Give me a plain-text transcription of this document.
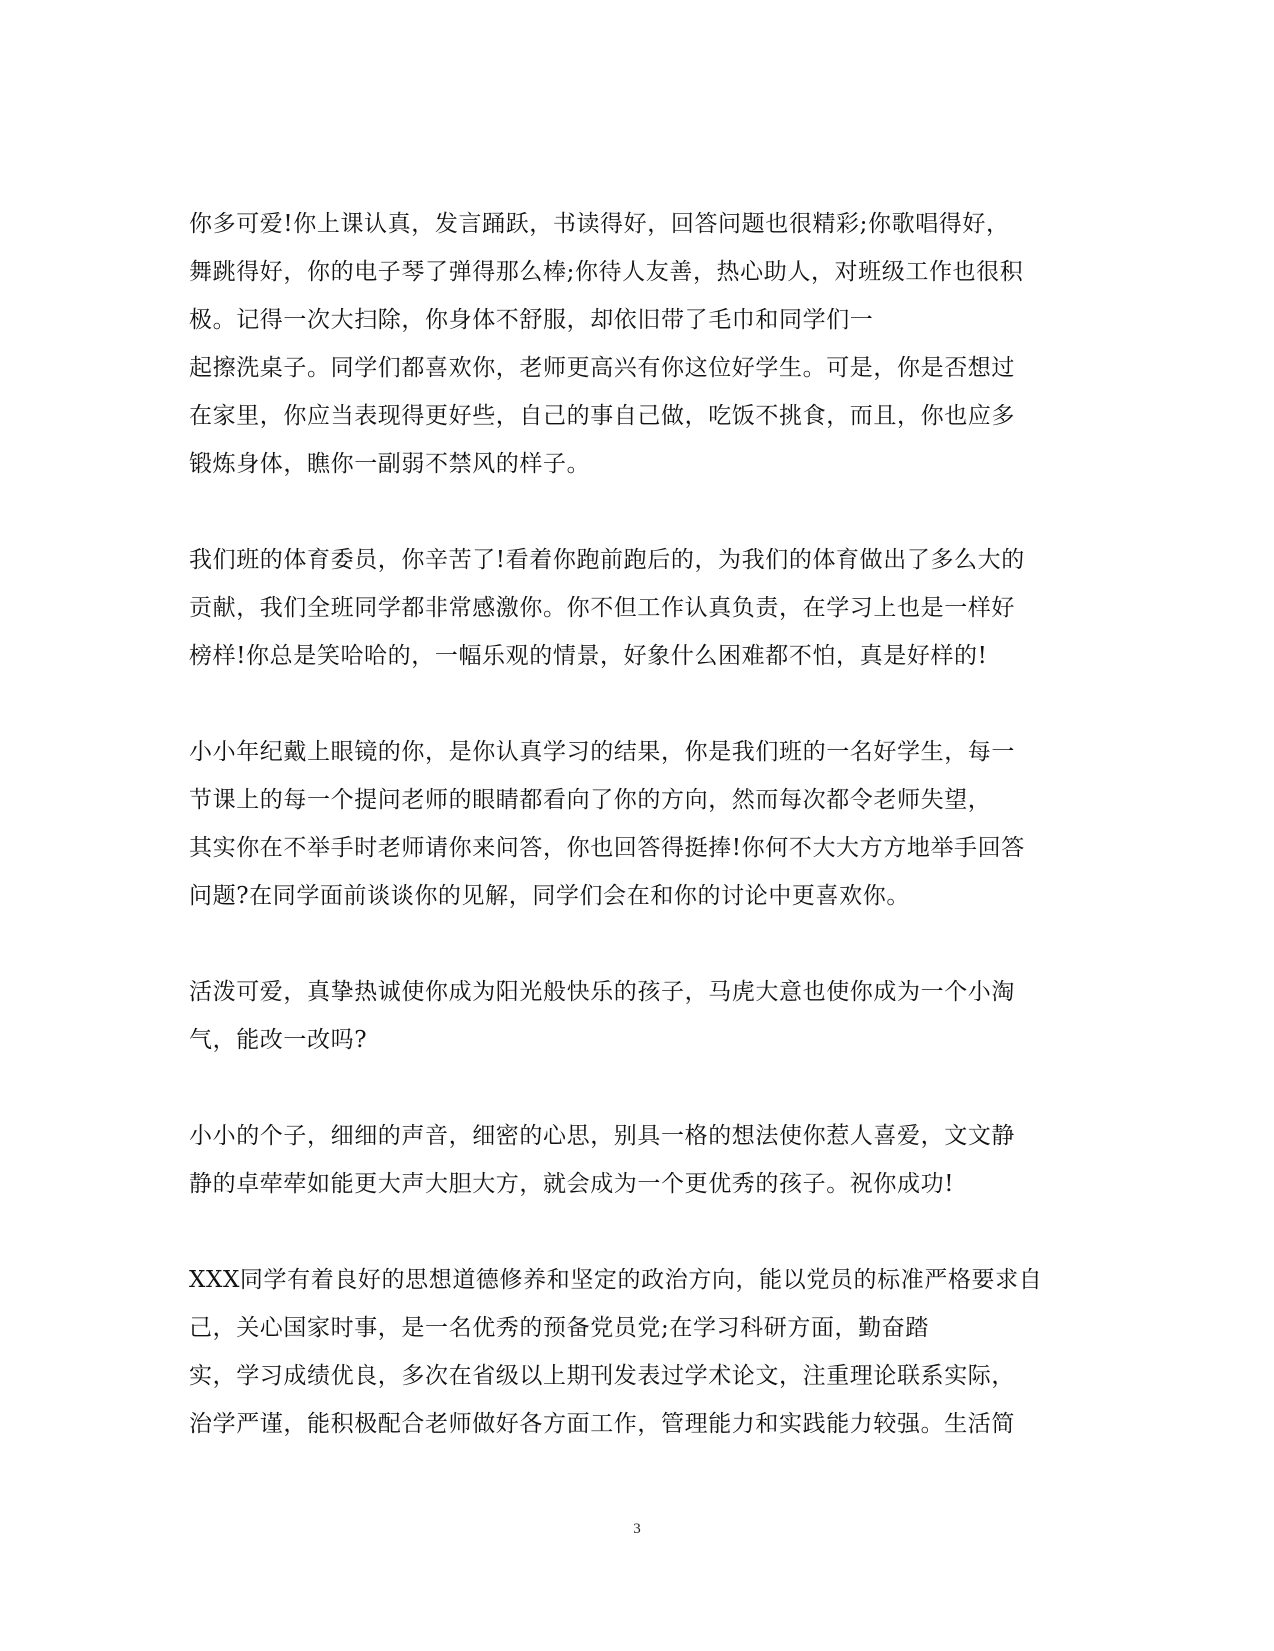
你多可爱!你上课认真，发言踊跃，书读得好，回答问题也很精彩;你歌唱得好，
舞跳得好，你的电子琴了弹得那么棒;你待人友善，热心助人，对班级工作也很积
极。记得一次大扫除，你身体不舒服，却依旧带了毛巾和同学们一
起擦洗桌子。同学们都喜欢你，老师更高兴有你这位好学生。可是，你是否想过
在家里，你应当表现得更好些，自己的事自己做，吃饭不挑食，而且，你也应多
锻炼身体，瞧你一副弱不禁风的样子。
我们班的体育委员，你辛苦了!看着你跑前跑后的，为我们的体育做出了多么大的
贡献，我们全班同学都非常感激你。你不但工作认真负责，在学习上也是一样好
榜样!你总是笑哈哈的，一幅乐观的情景，好象什么困难都不怕，真是好样的!
小小年纪戴上眼镜的你，是你认真学习的结果，你是我们班的一名好学生，每一
节课上的每一个提问老师的眼睛都看向了你的方向，然而每次都令老师失望，
其实你在不举手时老师请你来问答，你也回答得挺捧!你何不大大方方地举手回答
问题?在同学面前谈谈你的见解，同学们会在和你的讨论中更喜欢你。
活泼可爱，真挚热诚使你成为阳光般快乐的孩子，马虎大意也使你成为一个小淘
气，能改一改吗?
小小的个子，细细的声音，细密的心思，别具一格的想法使你惹人喜爱，文文静
静的卓荦荦如能更大声大胆大方，就会成为一个更优秀的孩子。祝你成功!
XXX同学有着良好的思想道德修养和坚定的政治方向，能以党员的标准严格要求自
己，关心国家时事，是一名优秀的预备党员党;在学习科研方面，勤奋踏
实，学习成绩优良，多次在省级以上期刊发表过学术论文，注重理论联系实际，
治学严谨，能积极配合老师做好各方面工作，管理能力和实践能力较强。生活简
3
